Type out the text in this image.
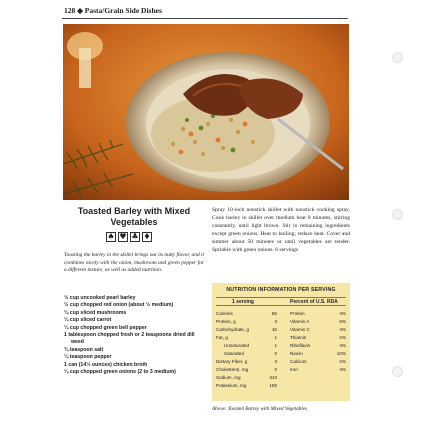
128 ◆ Pasta/Grain Side Dishes
Toasted Barley with Mixed Vegetables
♠ ♥ ♣ ♦
Toasting the barley in the skillet brings out its nutty flavor, and it combines nicely with the onion, mushroom and green pepper for a different texture, as well as added nutrition.
½ cup uncooked pearl barley
½ cup chopped red onion (about ½ medium)
¼ cup sliced mushrooms
¼ cup sliced carrot
¼ cup chopped green bell pepper
1 tablespoon chopped fresh or 2 teaspoons dried dill weed
¾ teaspoon salt
¼ teaspoon pepper
1 can (14½ ounces) chicken broth
¼ cup chopped green onions (2 to 3 medium)
Spray 10-inch nonstick skillet with nonstick cooking spray. Cook barley in skillet over medium heat 8 minutes, stirring constantly, until light brown. Stir in remaining ingredients except green onions. Heat to boiling; reduce heat. Cover and simmer about 50 minutes or until vegetables are tender. Sprinkle with green onions. 6 servings
NUTRITION INFORMATION PER SERVING
1 serving	Percent of U.S. RDA
Calories	85	Protein	4%
Protein, g	3	Vitamin A	8%
Carbohydrate, g	16	Vitamin C	4%
Fat, g	1	Thiamin	2%
Unsaturated	1	Riboflavin	4%
Saturated	0	Niacin	10%
Dietary Fiber, g	3	Calcium	2%
Cholesterol, mg	0	Iron	4%
Sodium, mg	310
Potassium, mg	180
Above: Toasted Barley with Mixed Vegetables
